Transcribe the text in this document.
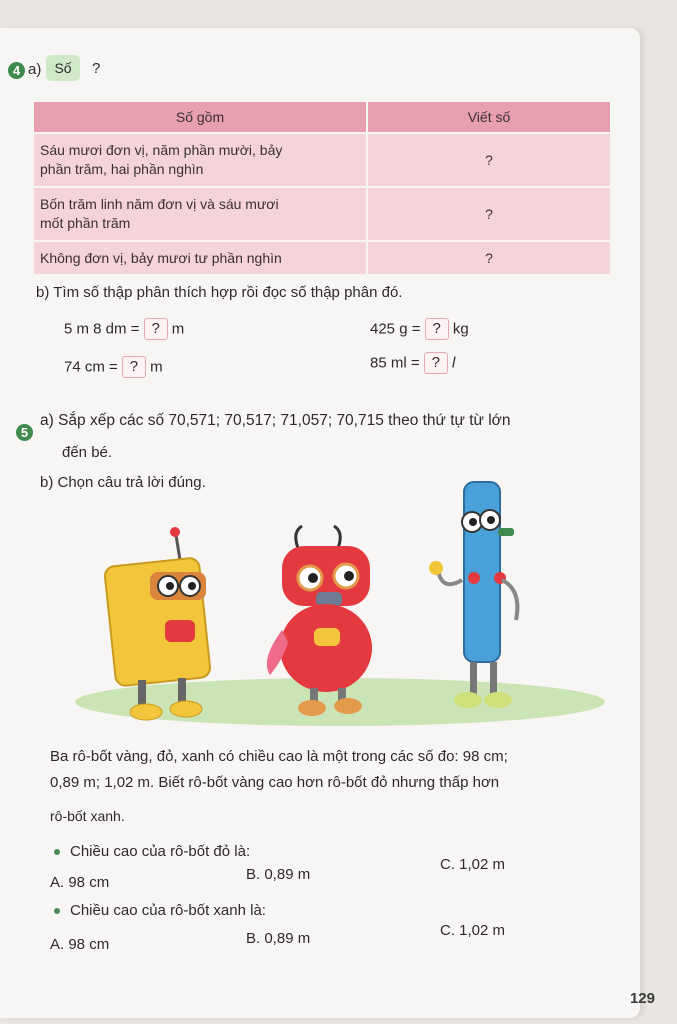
4 a) Số	?
Số gồm	Viết số

Sáu mươi đơn vị, năm phần mười, bảy
phần trăm, hai phần nghìn	?

Bốn trăm linh năm đơn vị và sáu mươi
mốt phần trăm	?
Không đơn vị, bảy mươi tư phần nghìn	?
b) Tìm số thập phân thích hợp rồi đọc số thập phân đó.
5 m 8 dm = ? m	425 g = ? kg
74 cm = ? m	85 ml = ? l
5
a) Sắp xếp các số 70,571; 70,517; 71,057; 70,715 theo thứ tự từ lớn
đến bé.
b) Chọn câu trả lời đúng.
Ba rô-bốt vàng, đỏ, xanh có chiều cao là một trong các số đo: 98 cm;
0,89 m; 1,02 m. Biết rô-bốt vàng cao hơn rô-bốt đỏ nhưng thấp hơn
rô-bốt xanh.
Chiều cao của rô-bốt đỏ là:
A. 98 cm	B. 0,89 m
C. 1,02 m
Chiều cao của rô-bốt xanh là:
A. 98 cm	B. 0,89 m	C. 1,02 m
129
